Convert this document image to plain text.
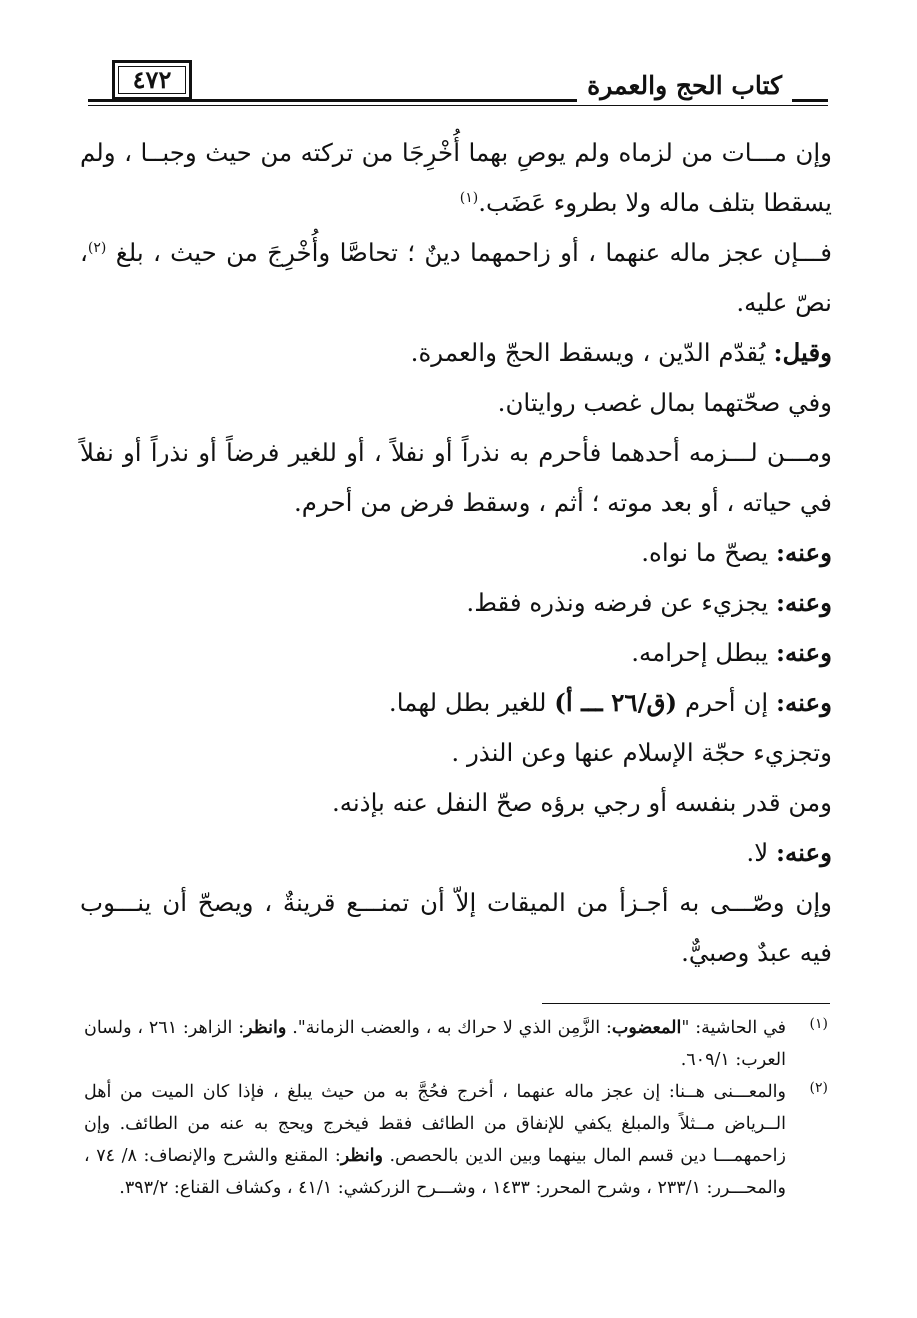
٤٧٢	كتاب الحج والعمرة

وإن مـــات من لزماه ولم يوصِ بهما أُخْرِجَا من تركته من حيث وجبــا ، ولم يسقطا بتلف ماله ولا بطروء عَضَب.$^{(١)}$

فـــإن عجز ماله عنهما ، أو زاحمهما دينٌ ؛ تحاصَّا وأُخْرِجَ من حيث ، بلغ $^{(٢)}$، نصّ عليه.

وقيل: يُقدّم الدّين ، ويسقط الحجّ والعمرة.

وفي صحّتهما بمال غصب روايتان.

ومـــن لـــزمه أحدهما فأحرم به نذراً أو نفلاً ، أو للغير فرضاً أو نذراً أو نفلاً في حياته ، أو بعد موته ؛ أثم ، وسقط فرض من أحرم.

وعنه: يصحّ ما نواه.

وعنه: يجزيء عن فرضه ونذره فقط.

وعنه: يبطل إحرامه.

وعنه: إن أحرم (ق/٢٦ ـــ أ) للغير بطل لهما.

وتجزيء حجّة الإسلام عنها وعن النذر .

ومن قدر بنفسه أو رجي برؤه صحّ النفل عنه بإذنه.

وعنه: لا.

وإن وصّـــى به أجـزأ من الميقات إلاّ أن تمنـــع قرينةٌ ، ويصحّ أن ينـــوب فيه عبدٌ وصبيٌّ.

(١)
في الحاشية: "المعضوب: الزَّمِن الذي لا حراك به ، والعضب الزمانة". وانظر: الزاهر: ٢٦١ ، ولسان العرب: ٦٠٩/١.
(٢)
والمعـــنى هــنا: إن عجز ماله عنهما ، أخرج فحُجَّ به من حيث يبلغ ، فإذا كان الميت من أهل الــرياض مــثلاً والمبلغ يكفي للإنفاق من الطائف فقط فيخرج ويحج به عنه من الطائف. وإن زاحمهمـــا دين قسم المال بينهما وبين الدين بالحصص. وانظر: المقنع والشرح والإنصاف: ٨/ ٧٤ ، والمحـــرر: ٢٣٣/١ ، وشرح المحرر: ١٤٣٣ ، وشـــرح الزركشي: ٤١/١ ، وكشاف القناع: ٣٩٣/٢.
